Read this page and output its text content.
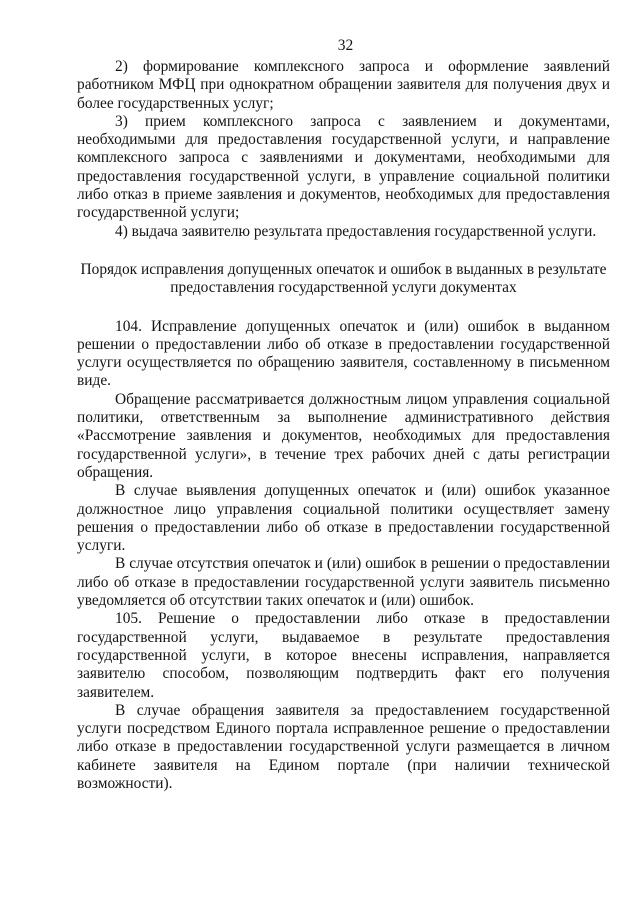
32

2) формирование комплексного запроса и оформление заявлений работником МФЦ при однократном обращении заявителя для получения двух и более государственных услуг;

3) прием комплексного запроса с заявлением и документами, необходимыми для предоставления государственной услуги, и направление комплексного запроса с заявлениями и документами, необходимыми для предоставления государственной услуги, в управление социальной политики либо отказ в приеме заявления и документов, необходимых для предоставления государственной услуги;

4) выдача заявителю результата предоставления государственной услуги.

Порядок исправления допущенных опечаток и ошибок в выданных в результате предоставления государственной услуги документах

104. Исправление допущенных опечаток и (или) ошибок в выданном решении о предоставлении либо об отказе в предоставлении государственной услуги осуществляется по обращению заявителя, составленному в письменном виде.

Обращение рассматривается должностным лицом управления социальной политики, ответственным за выполнение административного действия «Рассмотрение заявления и документов, необходимых для предоставления государственной услуги», в течение трех рабочих дней с даты регистрации обращения.

В случае выявления допущенных опечаток и (или) ошибок указанное должностное лицо управления социальной политики осуществляет замену решения о предоставлении либо об отказе в предоставлении государственной услуги.

В случае отсутствия опечаток и (или) ошибок в решении о предоставлении либо об отказе в предоставлении государственной услуги заявитель письменно уведомляется об отсутствии таких опечаток и (или) ошибок.

105. Решение о предоставлении либо отказе в предоставлении государственной услуги, выдаваемое в результате предоставления государственной услуги, в которое внесены исправления, направляется заявителю способом, позволяющим подтвердить факт его получения заявителем.

В случае обращения заявителя за предоставлением государственной услуги посредством Единого портала исправленное решение о предоставлении либо отказе в предоставлении государственной услуги размещается в личном кабинете заявителя на Едином портале (при наличии технической возможности).
